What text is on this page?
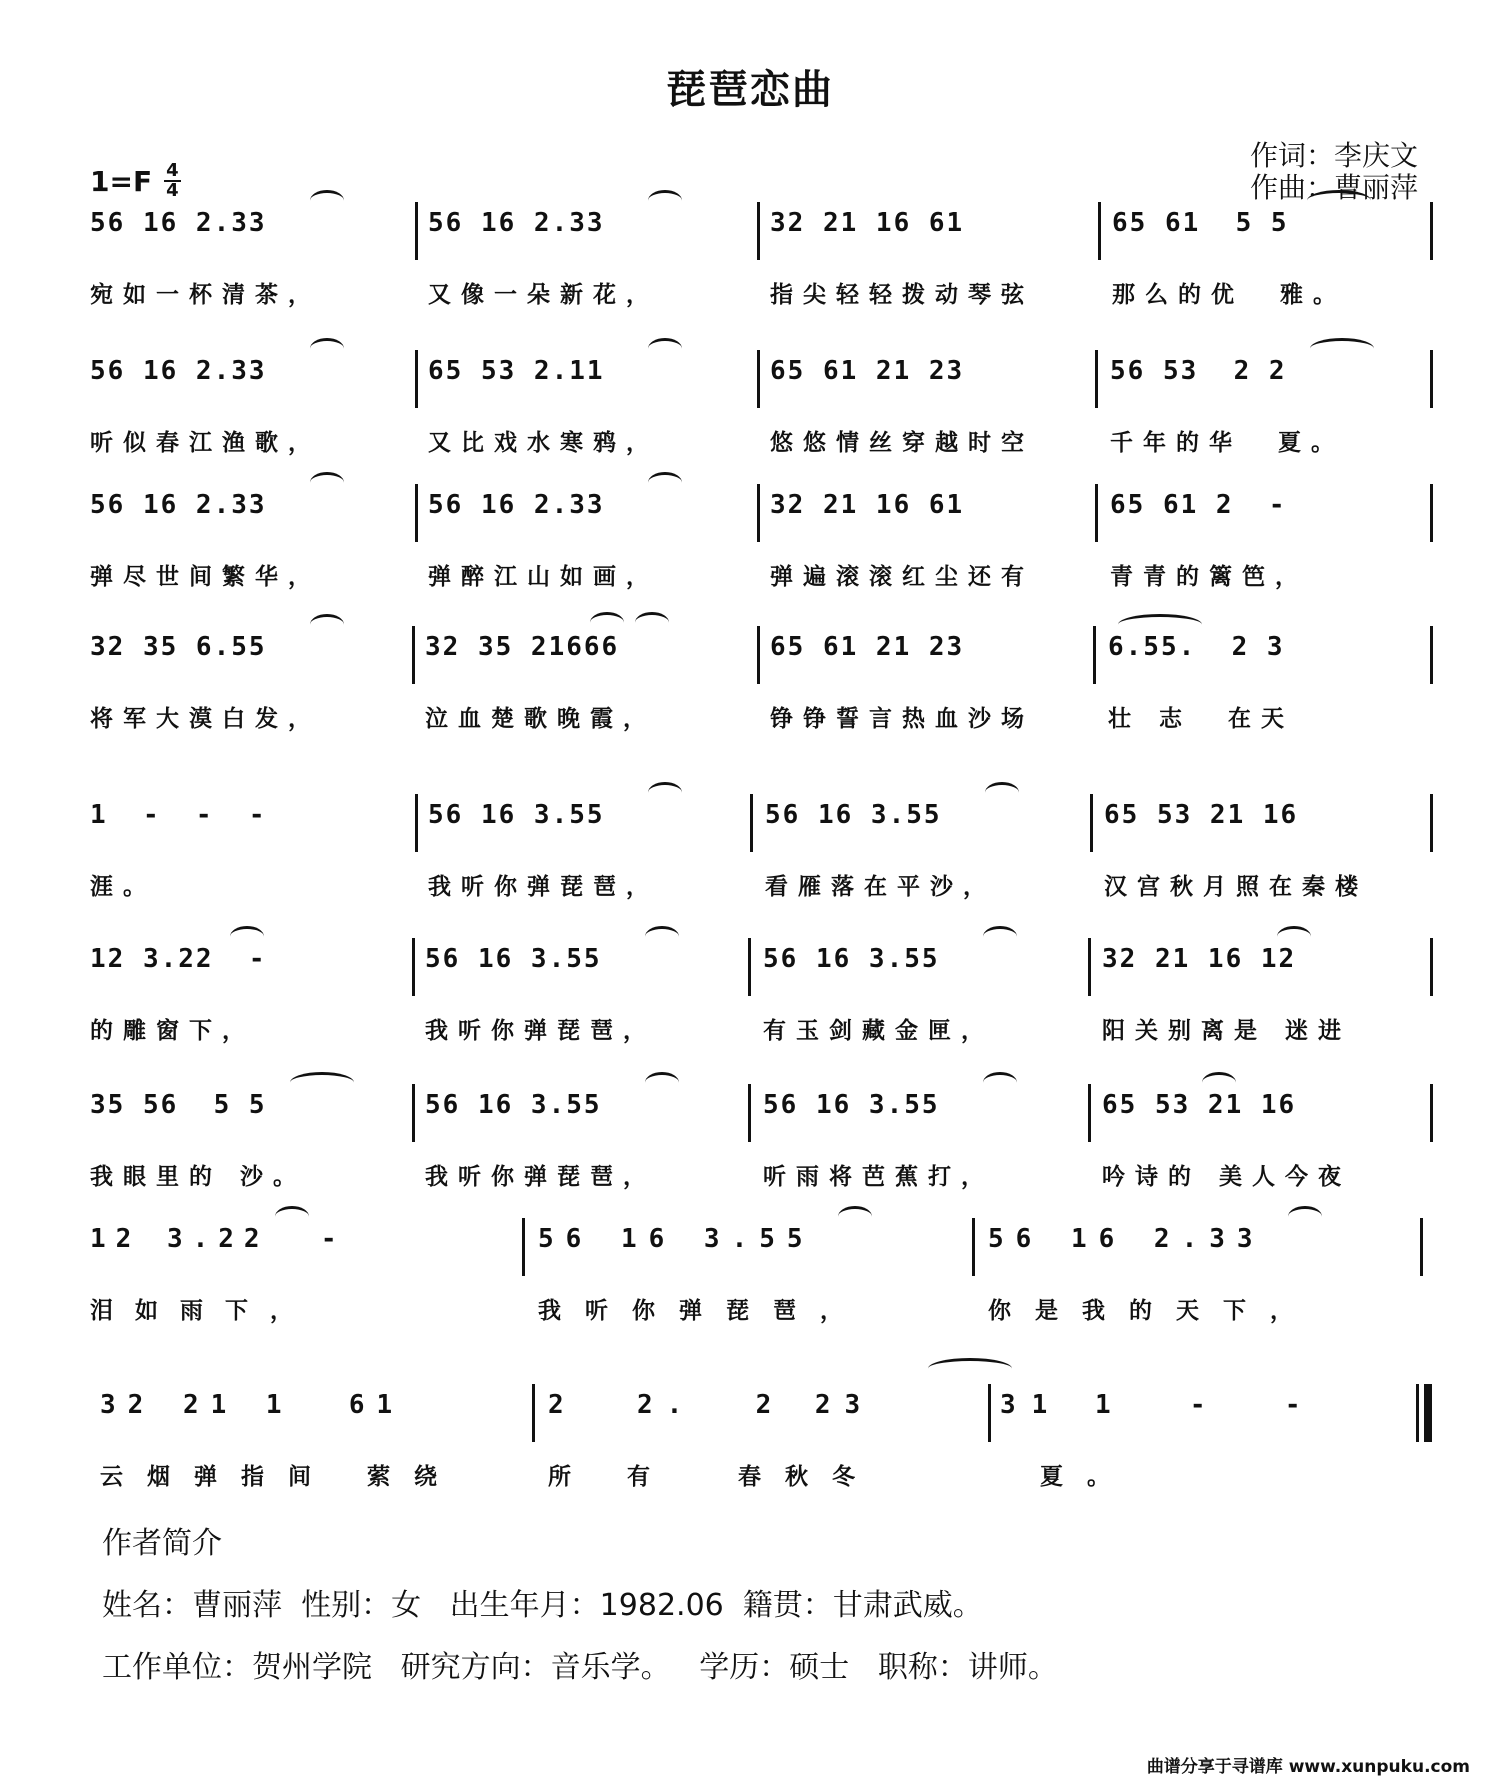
琵琶恋曲
作词：李庆文
作曲：曹丽萍
$1=F \frac{4}{4}$
56 16 2.33
宛如一杯清茶，
56 16 2.33
又像一朵新花，
32 21 16 61
指尖轻轻拨动琴弦
65 61  5 5
那么的优  雅。
56 16 2.33
听似春江渔歌，
65 53 2.11
又比戏水寒鸦，
65 61 21 23
悠悠情丝穿越时空
56 53  2 2
千年的华  夏。
56 16 2.33
弹尽世间繁华，
56 16 2.33
弹醉江山如画，
32 21 16 61
弹遍滚滚红尘还有
65 61 2  -
青青的篱笆，
32 35 6.55
将军大漠白发，
32 35 21666
泣血楚歌晚霞，
65 61 21 23
铮铮誓言热血沙场
6.55.  2 3
壮 志  在天
1  -  -  -
涯。
56 16 3.55
我听你弹琵琶，
56 16 3.55
看雁落在平沙，
65 53 21 16
汉宫秋月照在秦楼
12 3.22  -
的雕窗下，
56 16 3.55
我听你弹琵琶，
56 16 3.55
有玉剑藏金匣，
32 21 16 12
阳关别离是 迷进
35 56  5 5
我眼里的 沙。
56 16 3.55
我听你弹琵琶，
56 16 3.55
听雨将芭蕉打，
65 53 21 16
吟诗的 美人今夜
12 3.22  -
泪如雨下，
56 16 3.55
我听你弹琵琶，
56 16 2.33
你是我的天下，
32 21 1  61
云烟弹指间 萦绕
2  2.  2 23
所 有  春秋冬
31 1  -  -
夏。
作者简介
姓名：曹丽萍  性别：女   出生年月：1982.06  籍贯：甘肃武威。
工作单位：贺州学院   研究方向：音乐学。   学历：硕士   职称：讲师。
曲谱分享于寻谱库 www.xunpuku.com
